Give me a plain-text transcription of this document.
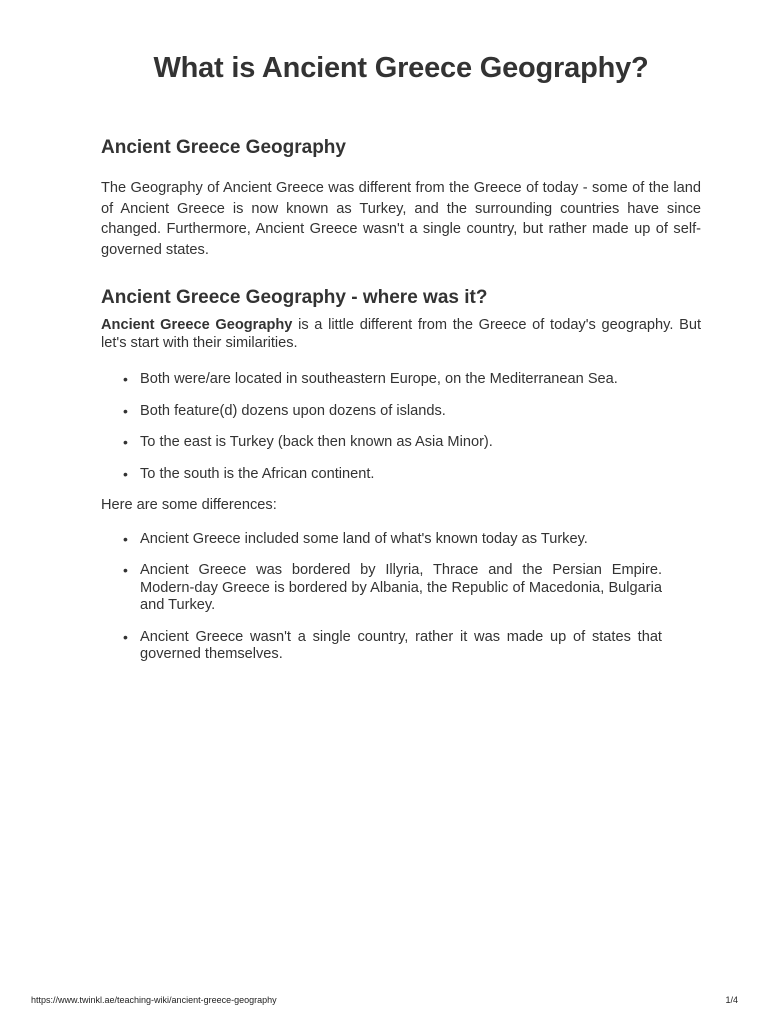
What is Ancient Greece Geography?
Ancient Greece Geography

The Geography of Ancient Greece was different from the Greece of today - some of the land of Ancient Greece is now known as Turkey, and the surrounding countries have since changed. Furthermore, Ancient Greece wasn't a single country, but rather made up of self-governed states.

Ancient Greece Geography - where was it?

Ancient Greece Geography is a little different from the Greece of today's geography. But let's start with their similarities.

• Both were/are located in southeastern Europe, on the Mediterranean Sea.
• Both feature(d) dozens upon dozens of islands.
• To the east is Turkey (back then known as Asia Minor).
• To the south is the African continent.

Here are some differences:

• Ancient Greece included some land of what's known today as Turkey.
• Ancient Greece was bordered by Illyria, Thrace and the Persian Empire. Modern-day Greece is bordered by Albania, the Republic of Macedonia, Bulgaria and Turkey.
• Ancient Greece wasn't a single country, rather it was made up of states that governed themselves.
https://www.twinkl.ae/teaching-wiki/ancient-greece-geography	1/4
